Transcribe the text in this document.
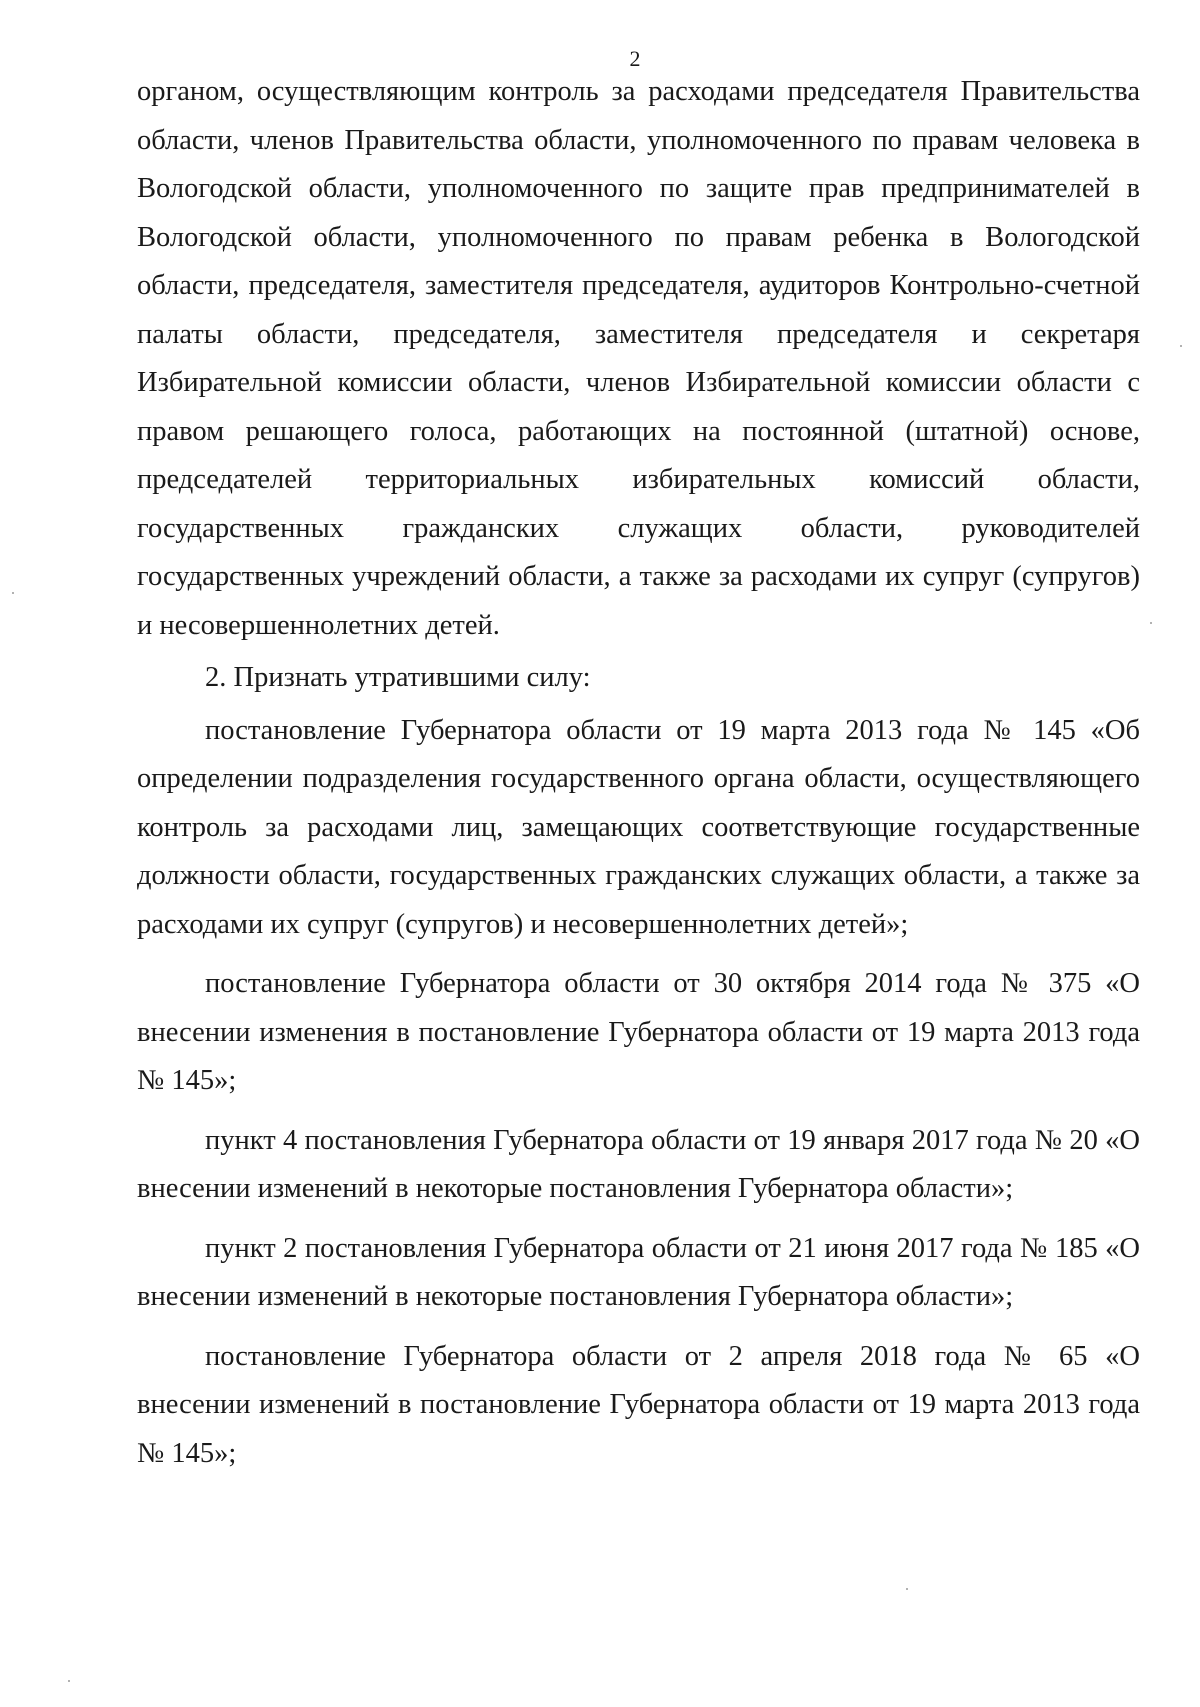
2

органом, осуществляющим контроль за расходами председателя Правительства области, членов Правительства области, уполномоченного по правам человека в Вологодской области, уполномоченного по защите прав предпринимателей в Вологодской области, уполномоченного по правам ребенка в Вологодской области, председателя, заместителя председателя, аудиторов Контрольно-счетной палаты области, председателя, заместителя председателя и секретаря Избирательной комиссии области, членов Избирательной комиссии области с правом решающего голоса, работающих на постоянной (штатной) основе, председателей территориальных избирательных комиссий области, государственных гражданских служащих области, руководителей государственных учреждений области, а также за расходами их супруг (супругов) и несовершеннолетних детей.

2. Признать утратившими силу:

постановление Губернатора области от 19 марта 2013 года № 145 «Об определении подразделения государственного органа области, осуществляющего контроль за расходами лиц, замещающих соответствующие государственные должности области, государственных гражданских служащих области, а также за расходами их супруг (супругов) и несовершеннолетних детей»;

постановление Губернатора области от 30 октября 2014 года № 375 «О внесении изменения в постановление Губернатора области от 19 марта 2013 года № 145»;

пункт 4 постановления Губернатора области от 19 января 2017 года № 20 «О внесении изменений в некоторые постановления Губернатора области»;

пункт 2 постановления Губернатора области от 21 июня 2017 года № 185 «О внесении изменений в некоторые постановления Губернатора области»;

постановление Губернатора области от 2 апреля 2018 года № 65 «О внесении изменений в постановление Губернатора области от 19 марта 2013 года № 145»;
